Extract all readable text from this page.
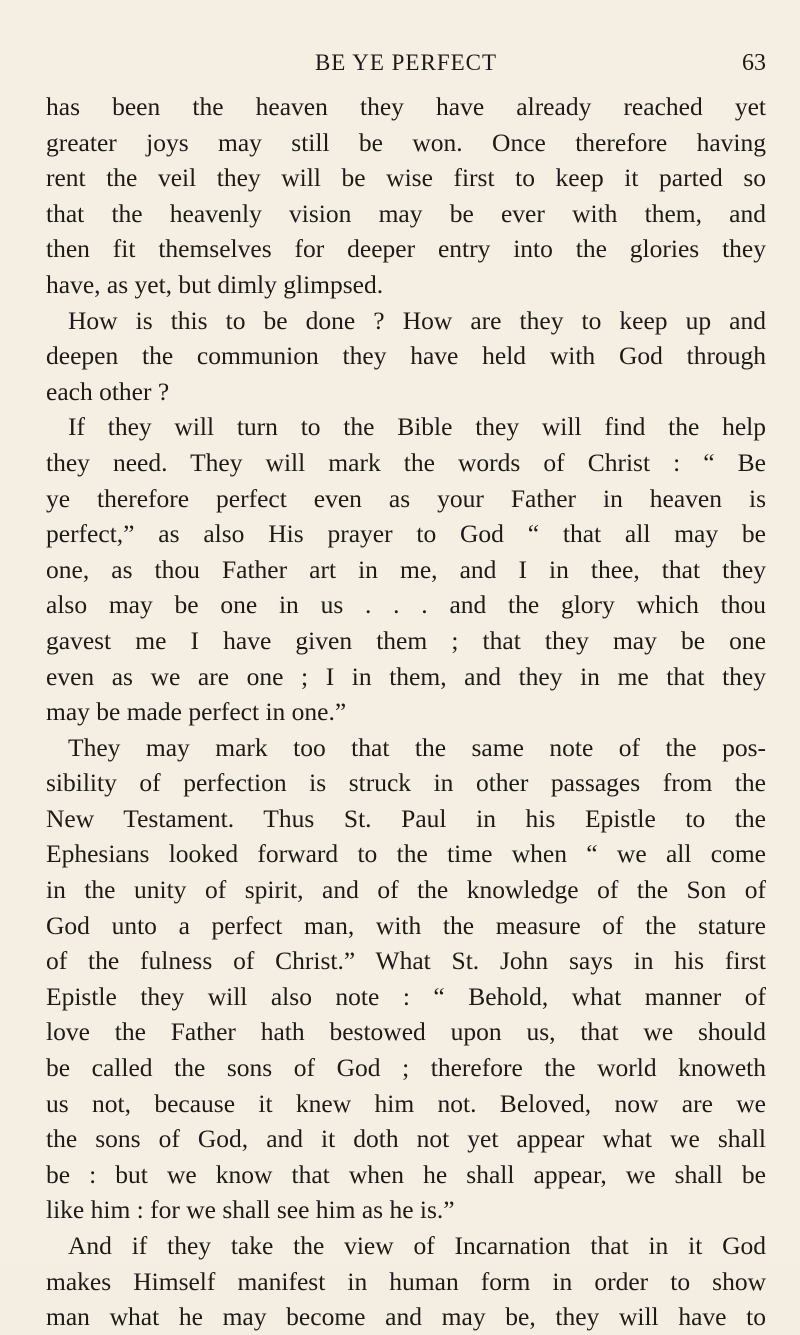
BE YE PERFECT	63
has been the heaven they have already reached yet
greater joys may still be won. Once therefore having
rent the veil they will be wise first to keep it parted so
that the heavenly vision may be ever with them, and
then fit themselves for deeper entry into the glories they
have, as yet, but dimly glimpsed.
How is this to be done ? How are they to keep up and
deepen the communion they have held with God through
each other ?
If they will turn to the Bible they will find the help
they need. They will mark the words of Christ : “ Be
ye therefore perfect even as your Father in heaven is
perfect,” as also His prayer to God “ that all may be
one, as thou Father art in me, and I in thee, that they
also may be one in us . . . and the glory which thou
gavest me I have given them ; that they may be one
even as we are one ; I in them, and they in me that they
may be made perfect in one.”
They may mark too that the same note of the pos-
sibility of perfection is struck in other passages from the
New Testament. Thus St. Paul in his Epistle to the
Ephesians looked forward to the time when “ we all come
in the unity of spirit, and of the knowledge of the Son of
God unto a perfect man, with the measure of the stature
of the fulness of Christ.” What St. John says in his first
Epistle they will also note : “ Behold, what manner of
love the Father hath bestowed upon us, that we should
be called the sons of God ; therefore the world knoweth
us not, because it knew him not. Beloved, now are we
the sons of God, and it doth not yet appear what we shall
be : but we know that when he shall appear, we shall be
like him : for we shall see him as he is.”
And if they take the view of Incarnation that in it God
makes Himself manifest in human form in order to show
man what he may become and may be, they will have to
